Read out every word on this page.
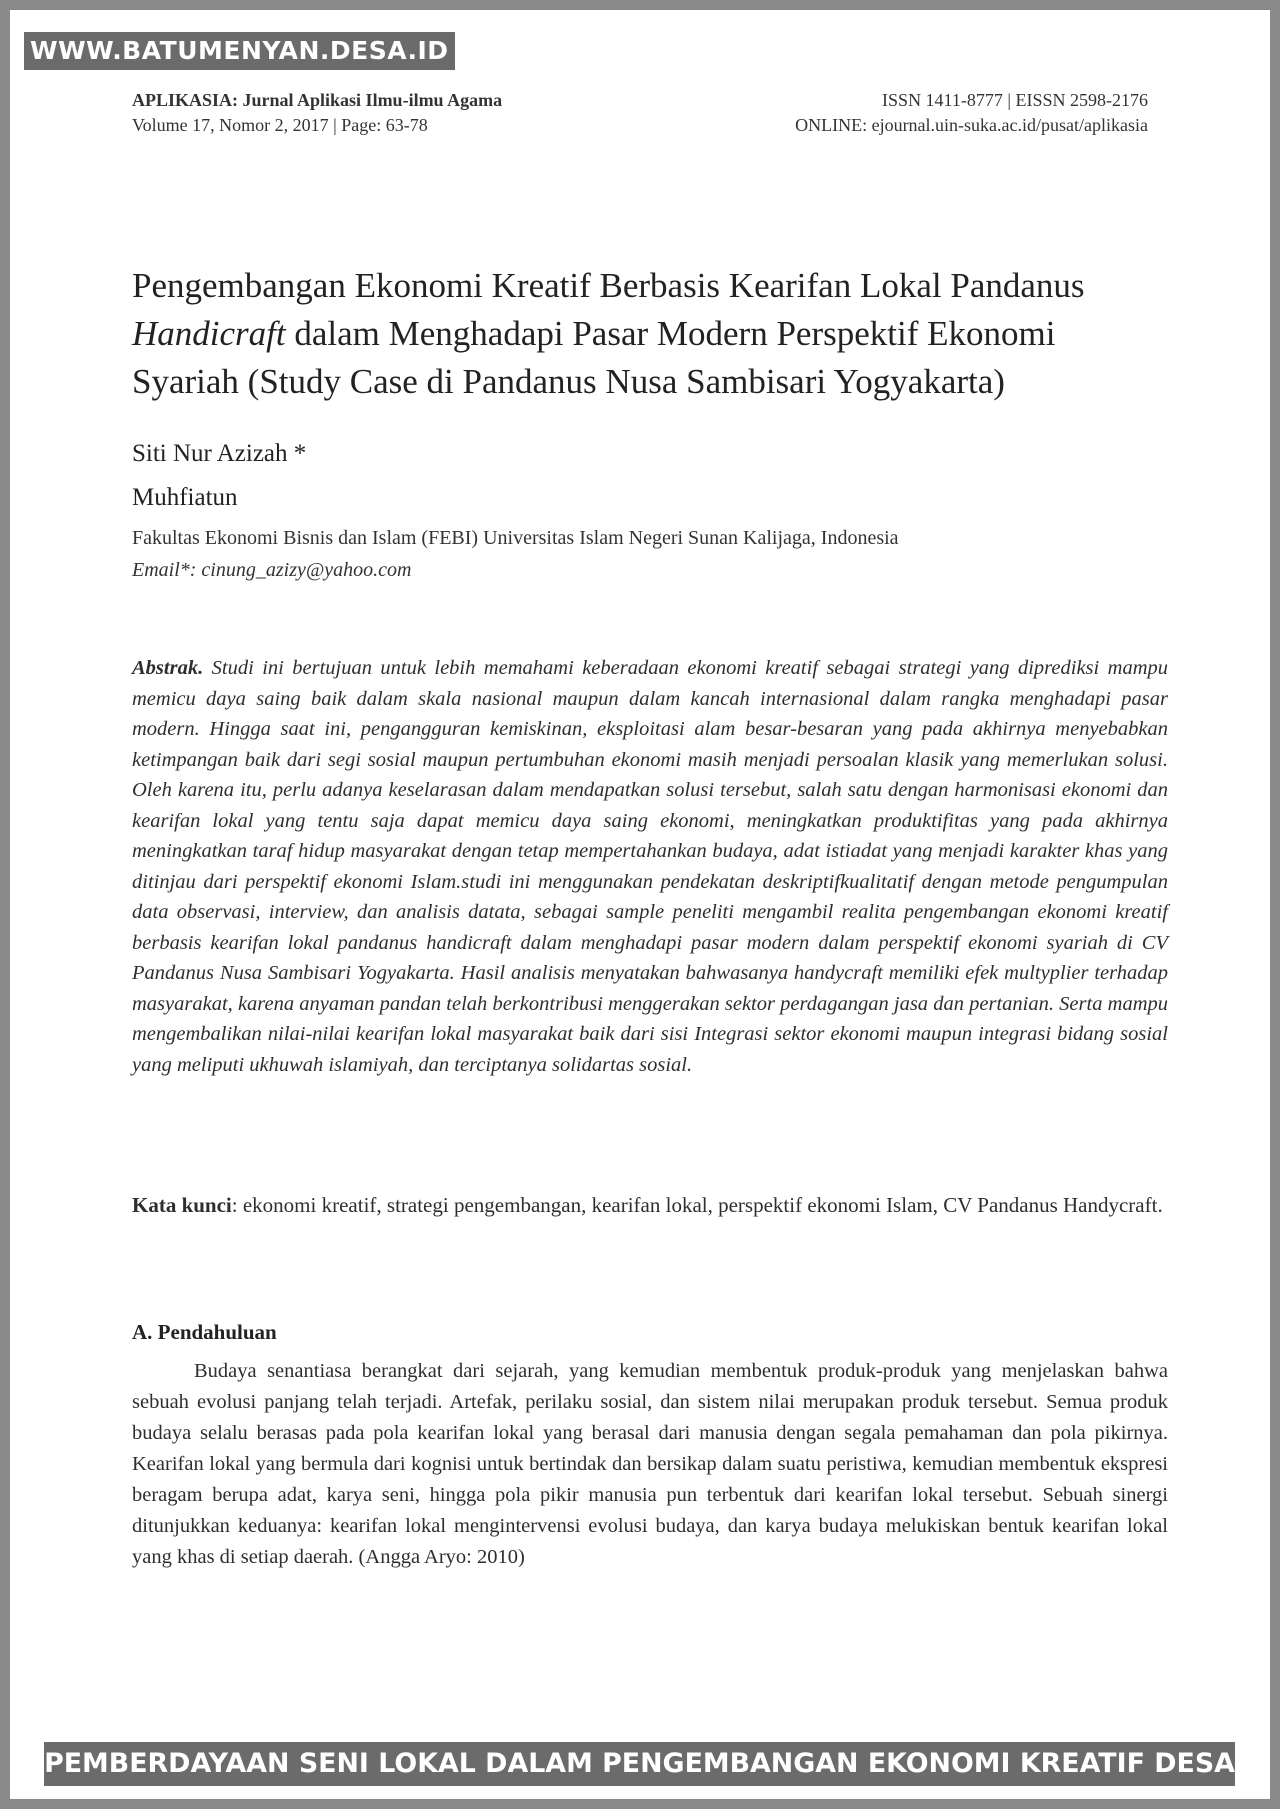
APLIKASIA: Jurnal Aplikasi Ilmu-ilmu Agama
Volume 17, Nomor 2, 2017 | Page: 63-78
ISSN 1411-8777 | EISSN 2598-2176
ONLINE: ejournal.uin-suka.ac.id/pusat/aplikasia
Pengembangan Ekonomi Kreatif Berbasis Kearifan Lokal Pandanus
Handicraft dalam Menghadapi Pasar Modern Perspektif Ekonomi
Syariah (Study Case di Pandanus Nusa Sambisari Yogyakarta)
Siti Nur Azizah *
Muhfiatun
Fakultas Ekonomi Bisnis dan Islam (FEBI) Universitas Islam Negeri Sunan Kalijaga, Indonesia
Email*: cinung_azizy@yahoo.com
Abstrak. Studi ini bertujuan untuk lebih memahami keberadaan ekonomi kreatif sebagai strategi yang diprediksi mampu memicu daya saing baik dalam skala nasional maupun dalam kancah internasional dalam rangka menghadapi pasar modern. Hingga saat ini, pengangguran kemiskinan, eksploitasi alam besar-besaran yang pada akhirnya menyebabkan ketimpangan baik dari segi sosial maupun pertumbuhan ekonomi masih menjadi persoalan klasik yang memerlukan solusi. Oleh karena itu, perlu adanya keselarasan dalam mendapatkan solusi tersebut, salah satu dengan harmonisasi ekonomi dan kearifan lokal yang tentu saja dapat memicu daya saing ekonomi, meningkatkan produktifitas yang pada akhirnya meningkatkan taraf hidup masyarakat dengan tetap mempertahankan budaya, adat istiadat yang menjadi karakter khas yang ditinjau dari perspektif ekonomi Islam.studi ini menggunakan pendekatan deskriptifkualitatif dengan metode pengumpulan data observasi, interview, dan analisis datata, sebagai sample peneliti mengambil realita pengembangan ekonomi kreatif berbasis kearifan lokal pandanus handicraft dalam menghadapi pasar modern dalam perspektif ekonomi syariah di CV Pandanus Nusa Sambisari Yogyakarta. Hasil analisis menyatakan bahwasanya handycraft memiliki efek multyplier terhadap masyarakat, karena anyaman pandan telah berkontribusi menggerakan sektor perdagangan jasa dan pertanian. Serta mampu mengembalikan nilai-nilai kearifan lokal masyarakat baik dari sisi Integrasi sektor ekonomi maupun integrasi bidang sosial yang meliputi ukhuwah islamiyah, dan terciptanya solidartas sosial.
Kata kunci: ekonomi kreatif, strategi pengembangan, kearifan lokal, perspektif ekonomi Islam, CV Pandanus Handycraft.
A. Pendahuluan
Budaya senantiasa berangkat dari sejarah, yang kemudian membentuk produk-produk yang menjelaskan bahwa sebuah evolusi panjang telah terjadi. Artefak, perilaku sosial, dan sistem nilai merupakan produk tersebut. Semua produk budaya selalu berasas pada pola kearifan lokal yang berasal dari manusia dengan segala pemahaman dan pola pikirnya. Kearifan lokal yang bermula dari kognisi untuk bertindak dan bersikap dalam suatu peristiwa, kemudian membentuk ekspresi beragam berupa adat, karya seni, hingga pola pikir manusia pun terbentuk dari kearifan lokal tersebut. Sebuah sinergi ditunjukkan keduanya: kearifan lokal mengintervensi evolusi budaya, dan karya budaya melukiskan bentuk kearifan lokal yang khas di setiap daerah. (Angga Aryo: 2010)
WWW.BATUMENYAN.DESA.ID
PEMBERDAYAAN SENI LOKAL DALAM PENGEMBANGAN EKONOMI KREATIF DESA
